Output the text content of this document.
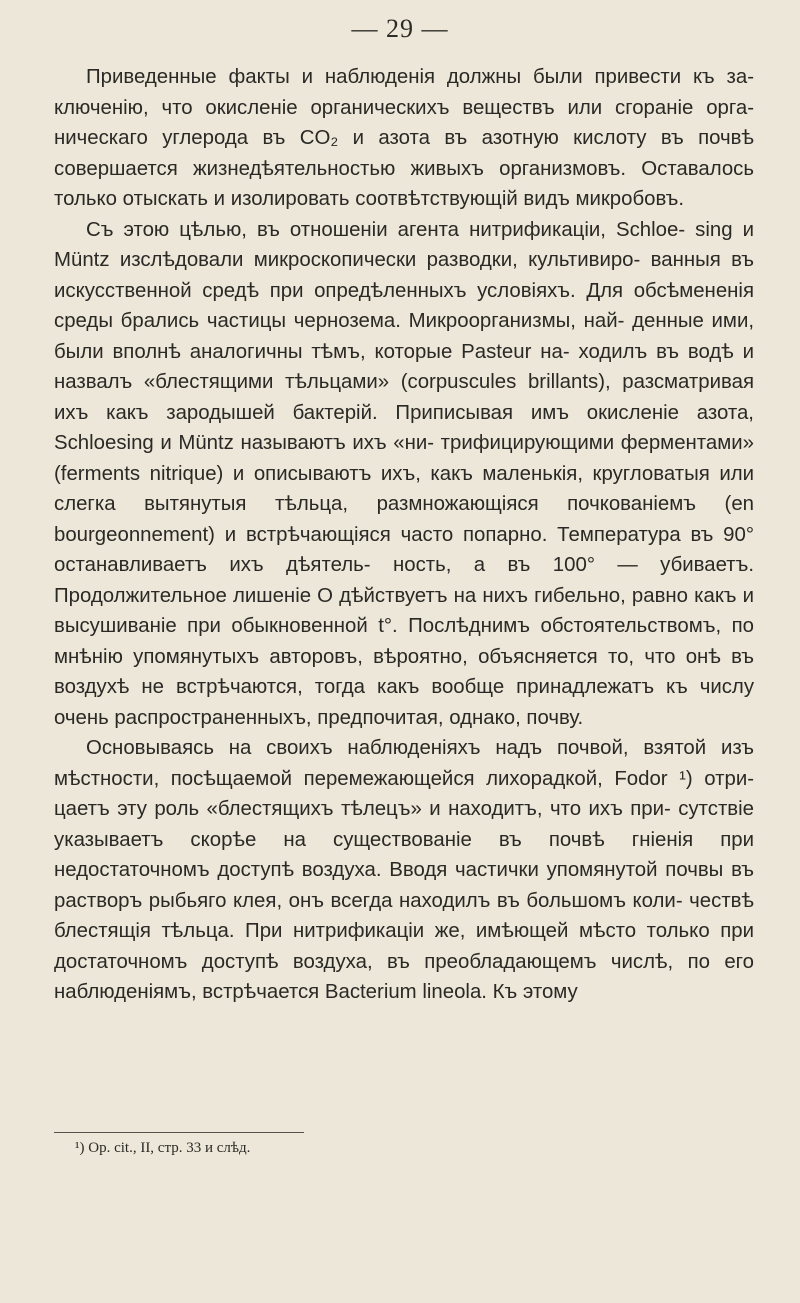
— 29 —

Приведенные факты и наблюденія должны были привести къ за- ключенію, что окисленіе органическихъ веществъ или сгораніе орга- ническаго углерода въ CO₂ и азота въ азотную кислоту въ почвѣ совершается жизнедѣятельностью живыхъ организмовъ. Оставалось только отыскать и изолировать соотвѣтствующій видъ микробовъ.

Съ этою цѣлью, въ отношеніи агента нитрификаціи, Schloe- sing и Müntz изслѣдовали микроскопически разводки, культивиро- ванныя въ искусственной средѣ при опредѣленныхъ условіяхъ. Для обсѣмененія среды брались частицы чернозема. Микроорганизмы, най- денные ими, были вполнѣ аналогичны тѣмъ, которые Pasteur на- ходилъ въ водѣ и назвалъ «блестящими тѣльцами» (corpuscules brillants), разсматривая ихъ какъ зародышей бактерій. Приписывая имъ окисленіе азота, Schloesing и Müntz называютъ ихъ «ни- трифицирующими ферментами» (ferments nitrique) и описываютъ ихъ, какъ маленькія, кругловатыя или слегка вытянутыя тѣльца, размножающіяся почкованіемъ (en bourgeonnement) и встрѣчающіяся часто попарно. Температура въ 90° останавливаетъ ихъ дѣятель- ность, а въ 100° — убиваетъ. Продолжительное лишеніе O дѣйствуетъ на нихъ гибельно, равно какъ и высушиваніе при обыкновенной t°. Послѣднимъ обстоятельствомъ, по мнѣнію упомянутыхъ авторовъ, вѣроятно, объясняется то, что онѣ въ воздухѣ не встрѣчаются, тогда какъ вообще принадлежатъ къ числу очень распространенныхъ, предпочитая, однако, почву.

Основываясь на своихъ наблюденіяхъ надъ почвой, взятой изъ мѣстности, посѣщаемой перемежающейся лихорадкой, Fodor ¹) отри- цаетъ эту роль «блестящихъ тѣлецъ» и находитъ, что ихъ при- сутствіе указываетъ скорѣе на существованіе въ почвѣ гніенія при недостаточномъ доступѣ воздуха. Вводя частички упомянутой почвы въ растворъ рыбьяго клея, онъ всегда находилъ въ большомъ коли- чествѣ блестящія тѣльца. При нитрификаціи же, имѣющей мѣсто только при достаточномъ доступѣ воздуха, въ преобладающемъ числѣ, по его наблюденіямъ, встрѣчается Bacterium lineola. Къ этому

¹) Op. cit., II, стр. 33 и слѣд.
